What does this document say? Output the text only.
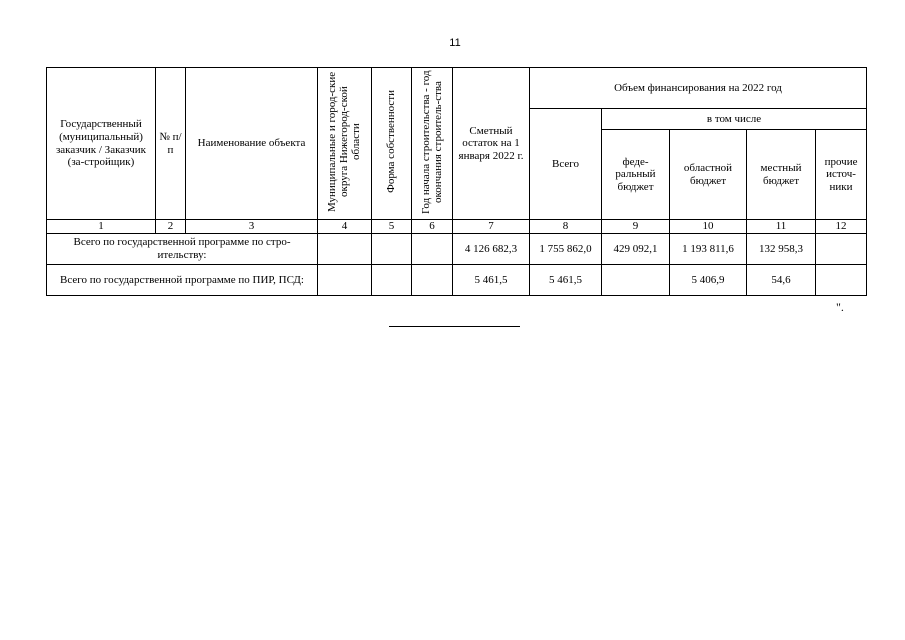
11
Государственный (муниципальный) заказчик / Заказчик (за-стройщик)	№ п/п	Наименование объекта	Муниципальные и город-ские округа Нижегород-ской области	Форма собственности	Год начала строительства - год окончания строитель-ства	Сметный остаток на 1 января 2022 г.	Объем финансирования на 2022 год				
							Всего	в том числе			
								феде-ральный бюджет	областной бюджет	местный бюджет	прочие источ-ники
1	2	3	4	5	6	7	8	9	10	11	12
Всего по государственной программе по стро-ительству:						4 126 682,3	1 755 862,0	429 092,1	1 193 811,6	132 958,3	
Всего по государственной программе по ПИР, ПСД:						5 461,5	5 461,5		5 406,9	54,6	
".
